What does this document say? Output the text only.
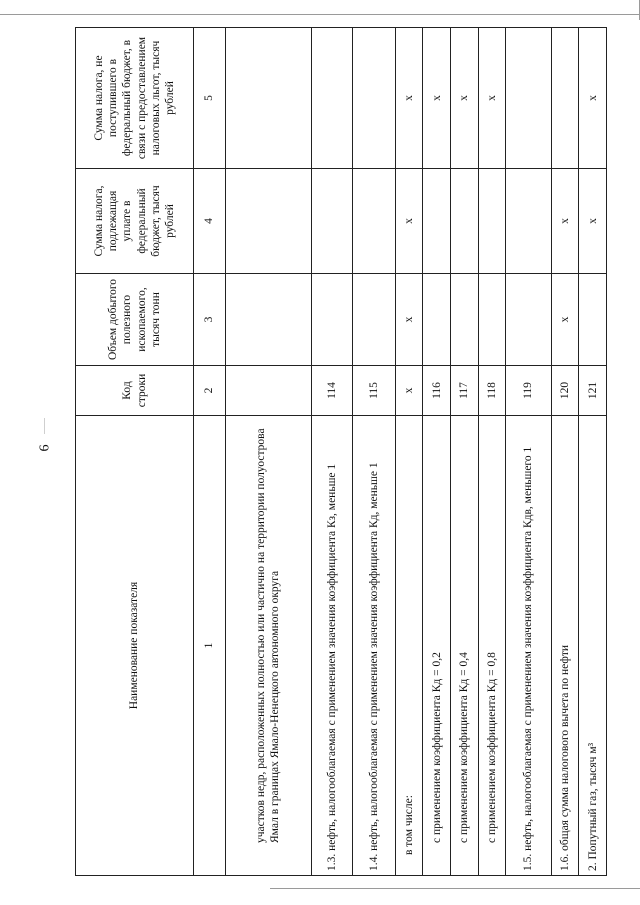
6
Наименование показателя	Код строки	Объем добытого полезного ископаемого, тысяч тонн	Сумма налога, подлежащая уплате в федеральный бюджет, тысяч рублей	Сумма налога, не поступившего в федеральный бюджет, в связи с предоставлением налоговых льгот, тысяч рублей
1	2	3	4	5
участков недр, расположенных полностью или частично на территории полуострова Ямал в границах Ямало-Ненецкого автономного округа				
1.3. нефть, налогооблагаемая с применением значения коэффициента Кз, меньше 1	114			
1.4. нефть, налогооблагаемая с применением значения коэффициента Кд, меньше 1	115			
в том числе:	х	х	х	х
с применением коэффициента Кд = 0,2	116			х
с применением коэффициента Кд = 0,4	117			х
с применением коэффициента Кд = 0,8	118			х
1.5. нефть, налогооблагаемая с применением значения коэффициента Кдв, меньшего 1	119			
1.6. общая сумма налогового вычета по нефти	120	х	х	
2. Попутный газ, тысяч м³	121		х	х
